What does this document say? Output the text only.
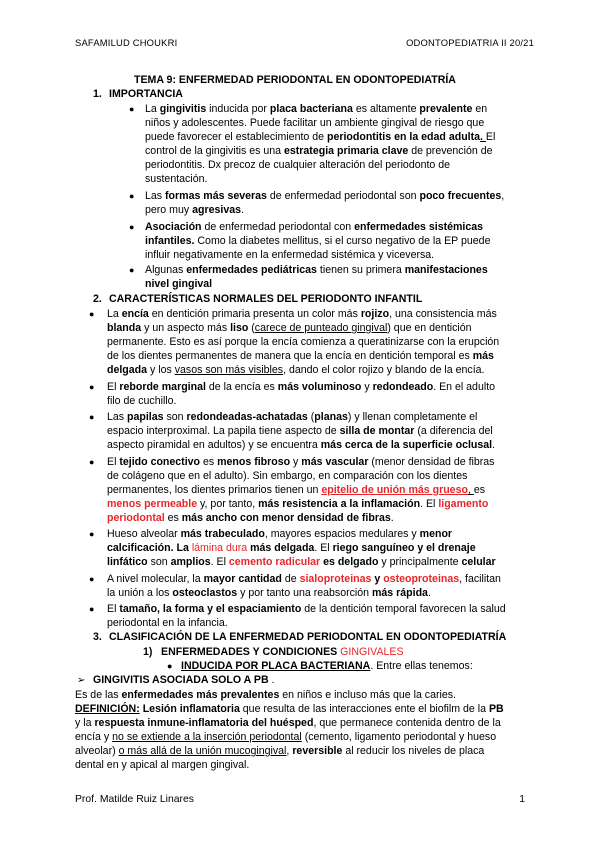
SAFAMILUD CHOUKRI	ODONTOPEDIATRIA II 20/21
TEMA 9: ENFERMEDAD PERIODONTAL EN ODONTOPEDIATRÍA
1. IMPORTANCIA
● La gingivitis inducida por placa bacteriana es altamente prevalente en
niños y adolescentes. Puede facilitar un ambiente gingival de riesgo que
puede favorecer el establecimiento de periodontitis en la edad adulta. El
control de la gingivitis es una estrategia primaria clave de prevención de
periodontitis. Dx precoz de cualquier alteración del periodonto de
sustentación.
● Las formas más severas de enfermedad periodontal son poco frecuentes,
pero muy agresivas.
● Asociación de enfermedad periodontal con enfermedades sistémicas
infantiles. Como la diabetes mellitus, si el curso negativo de la EP puede
influir negativamente en la enfermedad sistémica y viceversa.
● Algunas enfermedades pediátricas tienen su primera manifestaciones
nivel gingival
2. CARACTERÍSTICAS NORMALES DEL PERIODONTO INFANTIL
● La encía en dentición primaria presenta un color más rojizo, una consistencia más
blanda y un aspecto más liso (carece de punteado gingival) que en dentición
permanente. Esto es así porque la encía comienza a queratinizarse con la erupción
de los dientes permanentes de manera que la encía en dentición temporal es más
delgada y los vasos son más visibles, dando el color rojizo y blando de la encía.
● El reborde marginal de la encía es más voluminoso y redondeado. En el adulto
filo de cuchillo.
● Las papilas son redondeadas-achatadas (planas) y llenan completamente el
espacio interproximal. La papila tiene aspecto de silla de montar (a diferencia del
aspecto piramidal en adultos) y se encuentra más cerca de la superficie oclusal.
● El tejido conectivo es menos fibroso y más vascular (menor densidad de fibras
de colágeno que en el adulto). Sin embargo, en comparación con los dientes
permanentes, los dientes primarios tienen un epitelio de unión más grueso, es
menos permeable y, por tanto, más resistencia a la inflamación. El ligamento
periodontal es más ancho con menor densidad de fibras.
● Hueso alveolar más trabeculado, mayores espacios medulares y menor
calcificación. La lámina dura más delgada. El riego sanguíneo y el drenaje
linfático son amplios. El cemento radicular es delgado y principalmente celular
● A nivel molecular, la mayor cantidad de sialoproteinas y osteoproteinas, facilitan
la unión a los osteoclastos y por tanto una reabsorción más rápida.
● El tamaño, la forma y el espaciamiento de la dentición temporal favorecen la salud
periodontal en la infancia.
3. CLASIFICACIÓN DE LA ENFERMEDAD PERIODONTAL EN ODONTOPEDIATRÍA
1) ENFERMEDADES Y CONDICIONES GINGIVALES
● INDUCIDA POR PLACA BACTERIANA. Entre ellas tenemos:
➢ GINGIVITIS ASOCIADA SOLO A PB .
Es de las enfermedades más prevalentes en niños e incluso más que la caries.
DEFINICIÓN: Lesión inflamatoria que resulta de las interacciones ente el biofilm de la PB
y la respuesta inmune-inflamatoria del huésped, que permanece contenida dentro de la
encía y no se extiende a la inserción periodontal (cemento, ligamento periodontal y hueso
alveolar) o más allá de la unión mucogingival, reversible al reducir los niveles de placa
dental en y apical al margen gingival.
Prof. Matilde Ruiz Linares	1
